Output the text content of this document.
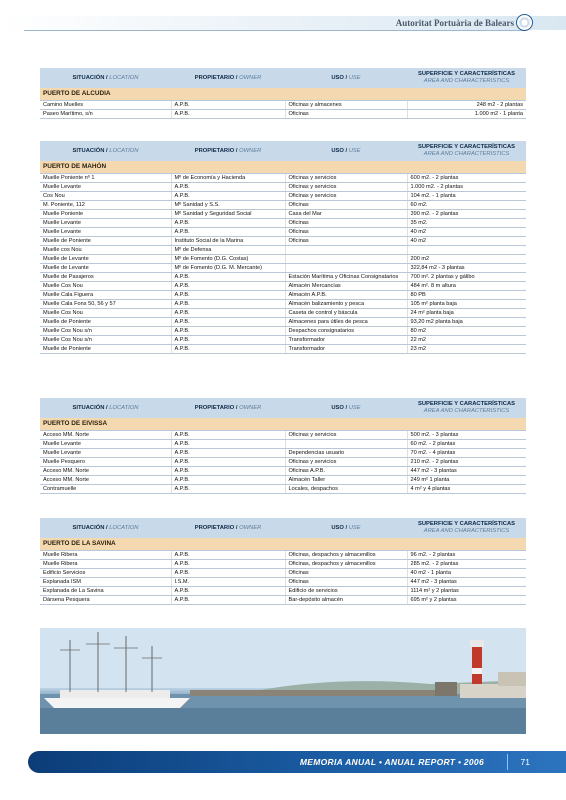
Autoritat Portuària de Balears
SITUACIÓN / LOCATION	PROPIETARIO / OWNER	USO / USE	SUPERFICIE Y CARACTERÍSTICAS
AREA AND CHARACTERISTICS

PUERTO DE ALCUDIA			
Camino Muelles	A.P.B.	Oficinas y almacenes	248 m2 - 2 plantas
Paseo Marítimo, s/n	A.P.B.	Oficinas	1.000 m2 - 1 planta
SITUACIÓN / LOCATION	PROPIETARIO / OWNER	USO / USE	SUPERFICIE Y CARACTERÍSTICAS
AREA AND CHARACTERISTICS

PUERTO DE MAHÓN			
Muelle Poniente nº 1	Mº de Economía y Hacienda	Oficinas y servicios	600 m2. - 2 plantas
Muelle Levante	A.P.B.	Oficinas y servicios	1.000 m2. - 2 plantas
Cos Nou	A.P.B.	Oficinas y servicios	104 m2. - 1 planta
M. Poniente, 112	Mº Sanidad y S.S.	Oficinas	60 m2.
Muelle Poniente	Mº Sanidad y Seguridad Social	Casa del Mar	390 m2. - 2 plantas
Muelle Levante	A.P.B.	Oficinas	35 m2.
Muelle Levante	A.P.B.	Oficinas	40 m2
Muelle de Poniente	Instituto Social de la Marina	Oficinas	40 m2
Muelle cos Nou	Mº de Defensa		
Muelle de Levante	Mº de Fomento (D.G. Costas)		200 m2
Muelle de Levante	Mº de Fomento (D.G. M. Mercante)		322,84 m2 - 3 plantas
Muelle de Pasajeros	A.P.B.	Estación Marítima y Oficinas Consignatarios	700 m². 2 plantas y gálibo
Muelle Cos Nou	A.P.B.	Almacén Mercancías	484 m². 8 m altura
Muelle Cala Figuera	A.P.B.	Almacén A.P.B.	80 PB
Muelle Cala Fons 50, 56 y 57	A.P.B.	Almacén balizamiento y pesca	105 m² planta baja
Muelle Cos Nou	A.P.B.	Caseta de control y báscula	24 m² planta baja
Muelle de Poniente	A.P.B.	Almacenes para útiles de pesca	93,20 m2 planta baja
Muelle Cos Nou s/n	A.P.B.	Despachos consignatarios	80 m2
Muelle Cos Nou s/n	A.P.B.	Transformador	22 m2
Muelle de Poniente	A.P.B.	Transformador	23 m2
SITUACIÓN / LOCATION	PROPIETARIO / OWNER	USO / USE	SUPERFICIE Y CARACTERÍSTICAS
AREA AND CHARACTERISTICS

PUERTO DE EIVISSA			
Acceso MM. Norte	A.P.B.	Oficinas y servicios	500 m2. - 3 plantas
Muelle Levante	A.P.B.		60 m2. - 2 plantas
Muelle Levante	A.P.B.	Dependencias usuario	70 m2. - 4 plantas
Muelle Pesquero	A.P.B.	Oficinas y servicios	210 m2. - 2 plantas
Acceso MM. Norte	A.P.B.	Oficinas A.P.B.	447 m2 - 3 plantas
Acceso MM. Norte	A.P.B.	Almacén Taller	249 m² 1 planta
Contramuelle	A.P.B.	Locales, despachos	4 m² y 4 plantas
SITUACIÓN / LOCATION	PROPIETARIO / OWNER	USO / USE	SUPERFICIE Y CARACTERÍSTICAS
AREA AND CHARACTERISTICS

PUERTO DE LA SAVINA			
Muelle Ribera	A.P.B.	Oficinas, despachos y almacenillos	96 m2. - 2 plantas
Muelle Ribera	A.P.B.	Oficinas, despachos y almacenillos	285 m2. - 2 plantas
Edificio Servicios	A.P.B.	Oficinas	40 m2 - 1 planta
Explanada ISM	I.S.M.	Oficinas	447 m2 - 3 plantas
Explanada de La Savina	A.P.B.	Edificio de servicios	1114 m² y 2 plantas
Dársena Pesquera	A.P.B.	Bar-depósito almacén	695 m² y 2 plantas
MEMORIA ANUAL • ANUAL REPORT • 2006	71
